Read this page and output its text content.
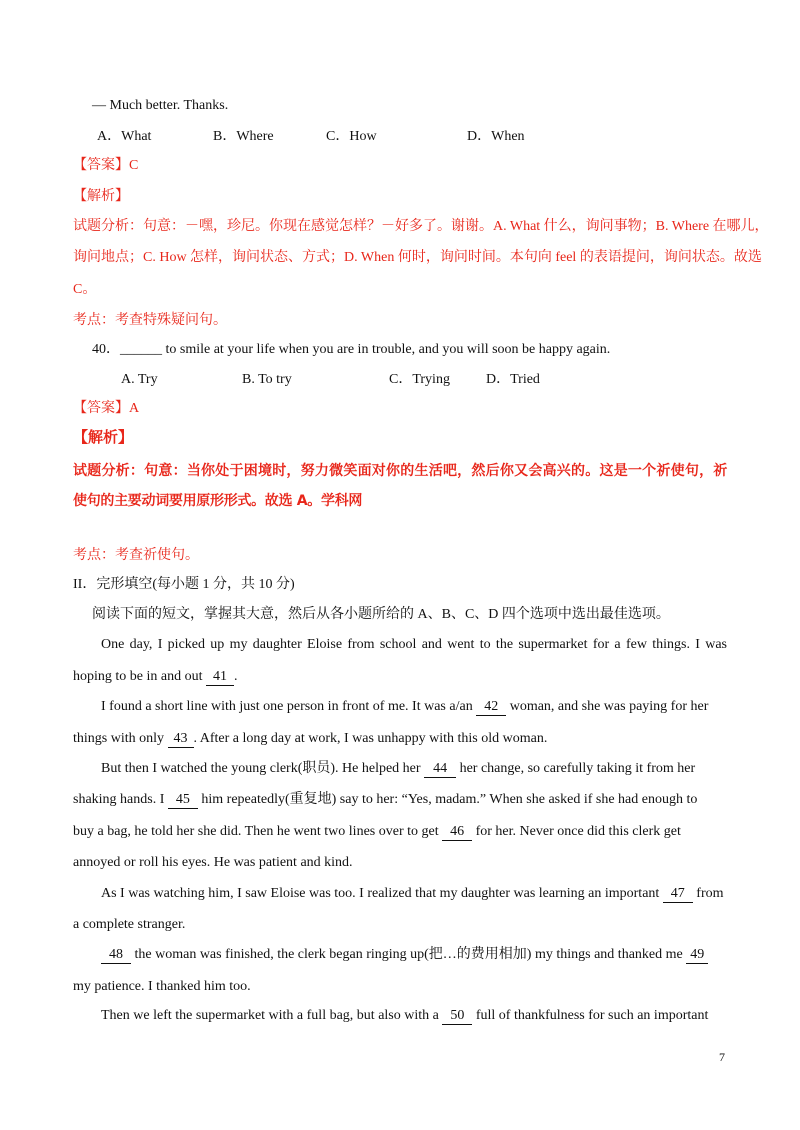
— Much better. Thanks.
A．What	B．Where	C．How	D．When
【答案】C
【解析】
试题分析：句意：－嘿，珍尼。你现在感觉怎样？－好多了。谢谢。A. What 什么，询问事物；B. Where 在哪儿，
询问地点；C. How 怎样，询问状态、方式；D. When 何时，询问时间。本句向 feel 的表语提问，询问状态。故选
C。
考点：考查特殊疑问句。
40．______ to smile at your life when you are in trouble, and you will soon be happy again.
A. Try	B. To try	C．Trying	D．Tried
【答案】A
【解析】
试题分析：句意：当你处于困境时，努力微笑面对你的生活吧，然后你又会高兴的。这是一个祈使句，祈
使句的主要动词要用原形形式。故选 A。学科网
考点：考查祈使句。
II．完形填空(每小题 1 分，共 10 分)
阅读下面的短文，掌握其大意，然后从各小题所给的 A、B、C、D 四个选项中选出最佳选项。
One day, I picked up my daughter Eloise from school and went to the supermarket for a few things. I was
hoping to be in and out 41 .
I found a short line with just one person in front of me. It was a/an 42 woman, and she was paying for her
things with only 43 . After a long day at work, I was unhappy with this old woman.
But then I watched the young clerk(职员). He helped her 44 her change, so carefully taking it from her
shaking hands. I 45 him repeatedly(重复地) say to her: “Yes, madam.” When she asked if she had enough to
buy a bag, he told her she did. Then he went two lines over to get 46 for her. Never once did this clerk get
annoyed or roll his eyes. He was patient and kind.
As I was watching him, I saw Eloise was too. I realized that my daughter was learning an important 47 from
a complete stranger.
48 the woman was finished, the clerk began ringing up(把…的费用相加) my things and thanked me 49
my patience. I thanked him too.
Then we left the supermarket with a full bag, but also with a 50 full of thankfulness for such an important
7
